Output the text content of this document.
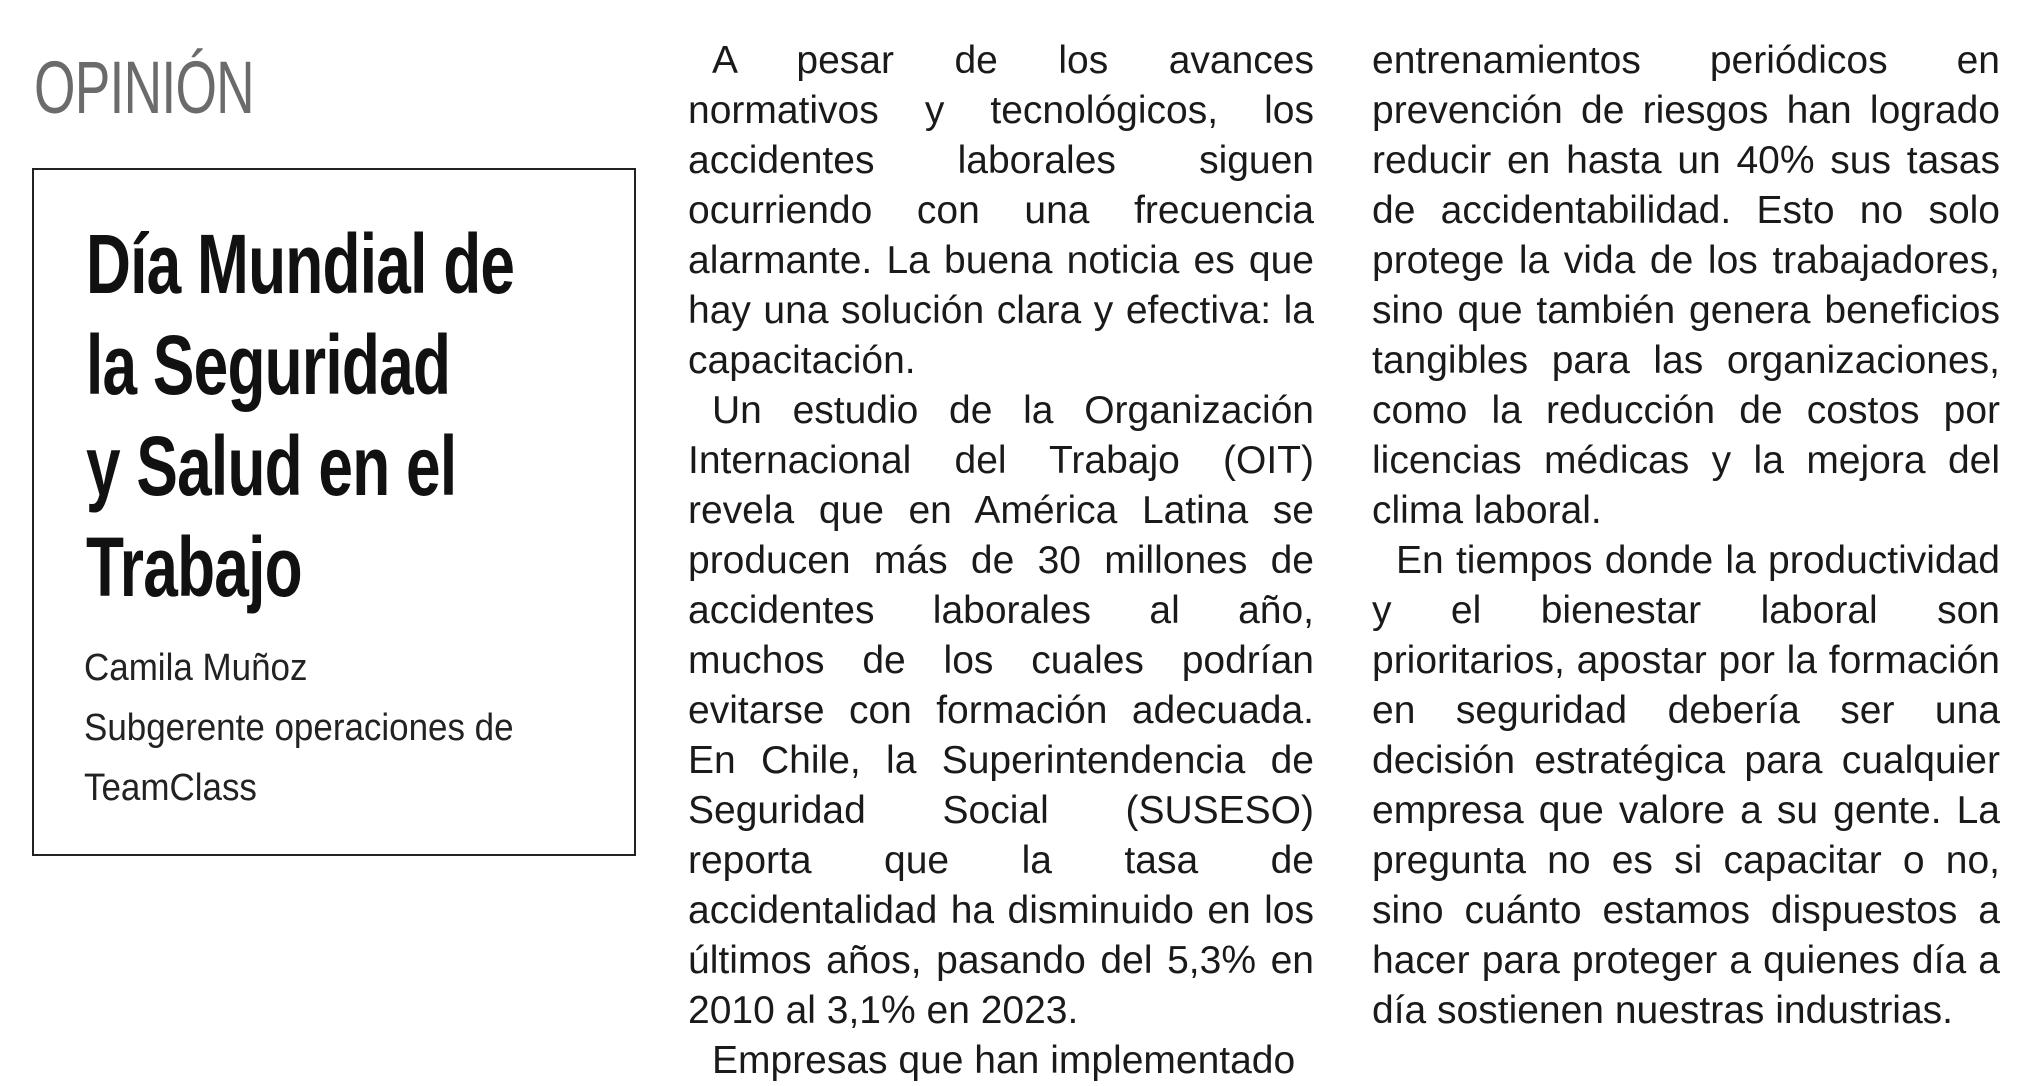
OPINIÓN
Día Mundial de
la Seguridad
y Salud en el
Trabajo
Camila Muñoz
Subgerente operaciones de
TeamClass

A pesar de los avances normativos y tecnológicos, los accidentes laborales siguen ocurriendo con una frecuencia alarmante. La buena noticia es que hay una solución clara y efectiva: la capacitación.

Un estudio de la Organización Internacional del Trabajo (OIT) revela que en América Latina se producen más de 30 millones de accidentes laborales al año, muchos de los cuales podrían evitarse con formación adecuada. En Chile, la Superintendencia de Seguridad Social (SUSESO) reporta que la tasa de accidentalidad ha disminuido en los últimos años, pasando del 5,3% en 2010 al 3,1% en 2023.

Empresas que han implementado

entrenamientos periódicos en prevención de riesgos han logrado reducir en hasta un 40% sus tasas de accidentabilidad. Esto no solo protege la vida de los trabajadores, sino que también genera beneficios tangibles para las organizaciones, como la reducción de costos por licencias médicas y la mejora del clima laboral.

En tiempos donde la productividad y el bienestar laboral son prioritarios, apostar por la formación en seguridad debería ser una decisión estratégica para cualquier empresa que valore a su gente. La pregunta no es si capacitar o no, sino cuánto estamos dispuestos a hacer para proteger a quienes día a día sostienen nuestras industrias.
